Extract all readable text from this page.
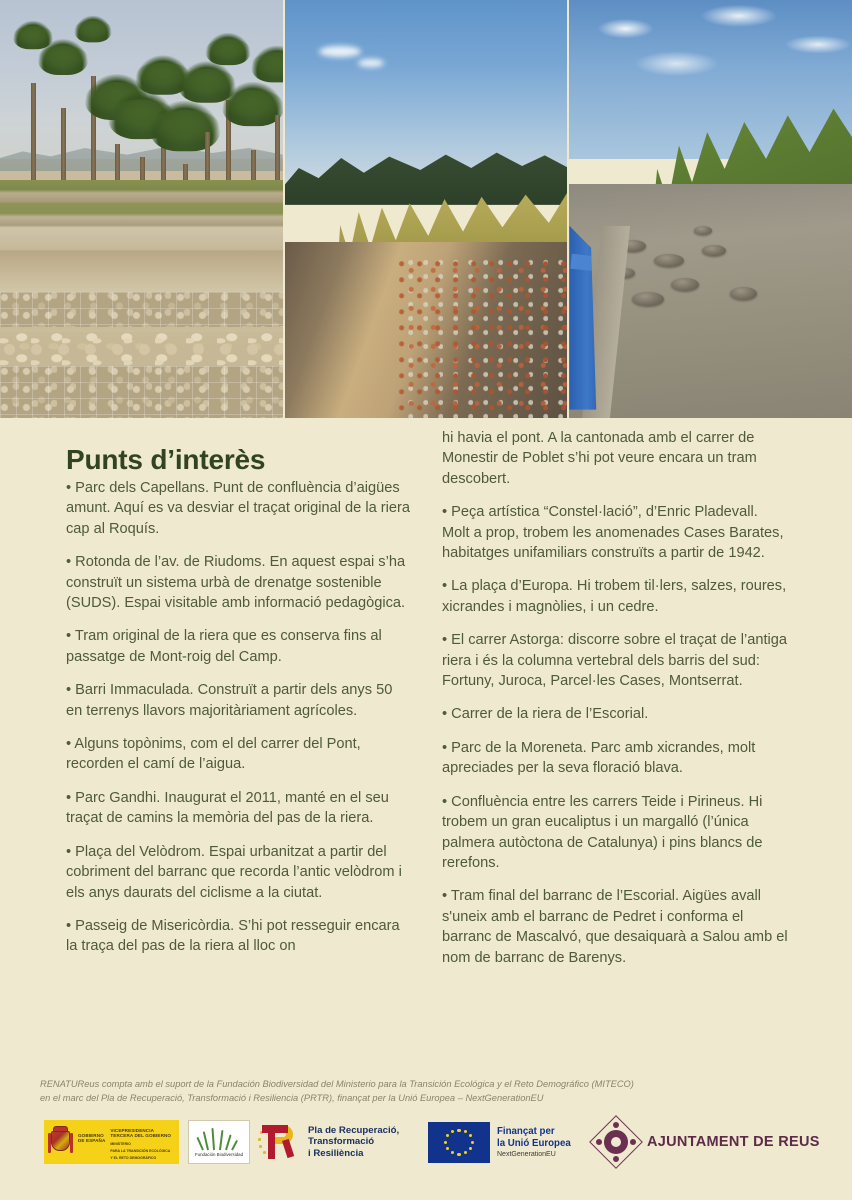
Punts d’interès

• Parc dels Capellans. Punt de confluència d’aigües amunt. Aquí es va desviar el traçat original de la riera cap al Roquís.

• Rotonda de l’av. de Riudoms. En aquest espai s’ha construït un sistema urbà de drenatge sostenible (SUDS). Espai visitable amb informació pedagògica.

• Tram original de la riera que es conserva fins al passatge de Mont-roig del Camp.

• Barri Immaculada. Construït a partir dels anys 50 en terrenys llavors majoritàriament agrícoles.

• Alguns topònims, com el del carrer del Pont, recorden el camí de l’aigua.

• Parc Gandhi. Inaugurat el 2011, manté en el seu traçat de camins la memòria del pas de la riera.

• Plaça del Velòdrom. Espai urbanitzat a partir del cobriment del barranc que recorda l’antic velòdrom i els anys daurats del ciclisme a la ciutat.

• Passeig de Misericòrdia. S’hi pot resseguir encara la traça del pas de la riera al lloc on

hi havia el pont. A la cantonada amb el carrer de Monestir de Poblet s’hi pot veure encara un tram descobert.

• Peça artística “Constel·lació”, d’Enric Pladevall. Molt a prop, trobem les anomenades Cases Barates, habitatges unifamiliars construïts a partir de 1942.

• La plaça d’Europa. Hi trobem til·lers, salzes, roures, xicrandes i magnòlies, i un cedre.

• El carrer Astorga: discorre sobre el traçat de l’antiga riera i és la columna vertebral dels barris del sud: Fortuny, Juroca, Parcel·les Cases, Montserrat.

• Carrer de la riera de l’Escorial.

• Parc de la Moreneta. Parc amb xicrandes, molt apreciades per la seva floració blava.

• Confluència entre les carrers Teide i Pirineus. Hi trobem un gran eucaliptus i un margalló (l’única palmera autòctona de Catalunya) i pins blancs de rerefons.

• Tram final del barranc de l’Escorial. Aigües avall s'uneix amb el barranc de Pedret i conforma el barranc de Mascalvó, que desaiquarà a Salou amb el nom de barranc de Barenys.

RENATUReus compta amb el suport de la Fundación Biodiversidad del Ministerio para la Transición Ecológica y el Reto Demográfico (MITECO)
en el marc del Pla de Recuperació, Transformació i Resiliencia (PRTR), finançat per la Unió Europea – NextGenerationEU
GOBIERNO
DE ESPAÑA
VICEPRESIDENCIA
TERCERA DEL GOBIERNO
MINISTERIO
PARA LA TRANSICIÓN ECOLÓGICA
Y EL RETO DEMOGRÁFICO
Fundación Biodiversidad
Pla de Recuperació,
Transformació
i Resiliència
Finançat per
la Unió Europea
NextGenerationEU
AJUNTAMENT DE REUS
